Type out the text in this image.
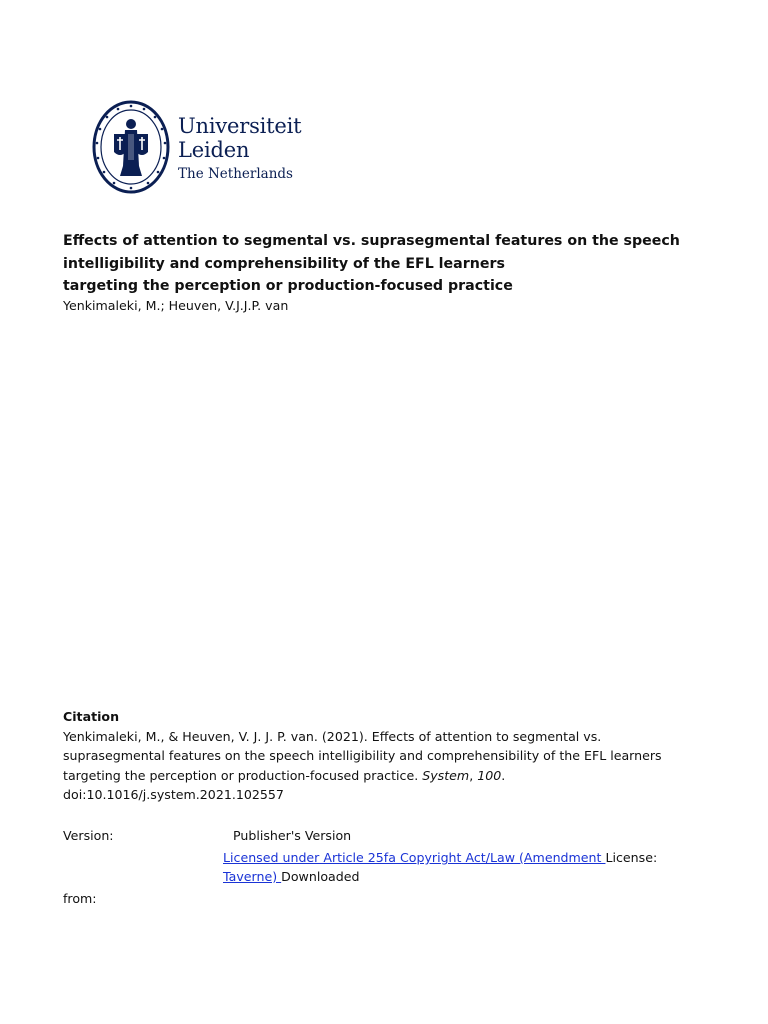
Universiteit
Leiden
The Netherlands
Effects of attention to segmental vs. suprasegmental features on the speech
intelligibility and comprehensibility of the EFL learners
targeting the perception or production-focused practice
Yenkimaleki, M.; Heuven, V.J.J.P. van
Citation
Yenkimaleki, M., & Heuven, V. J. J. P. van. (2021). Effects of attention to segmental vs.
suprasegmental features on the speech intelligibility and comprehensibility of the EFL learners
targeting the perception or production-focused practice. System, 100.
doi:10.1016/j.system.2021.102557
Version:	Publisher's Version
Licensed under Article 25fa Copyright Act/Law (Amendment License:
Taverne) Downloaded
from:
